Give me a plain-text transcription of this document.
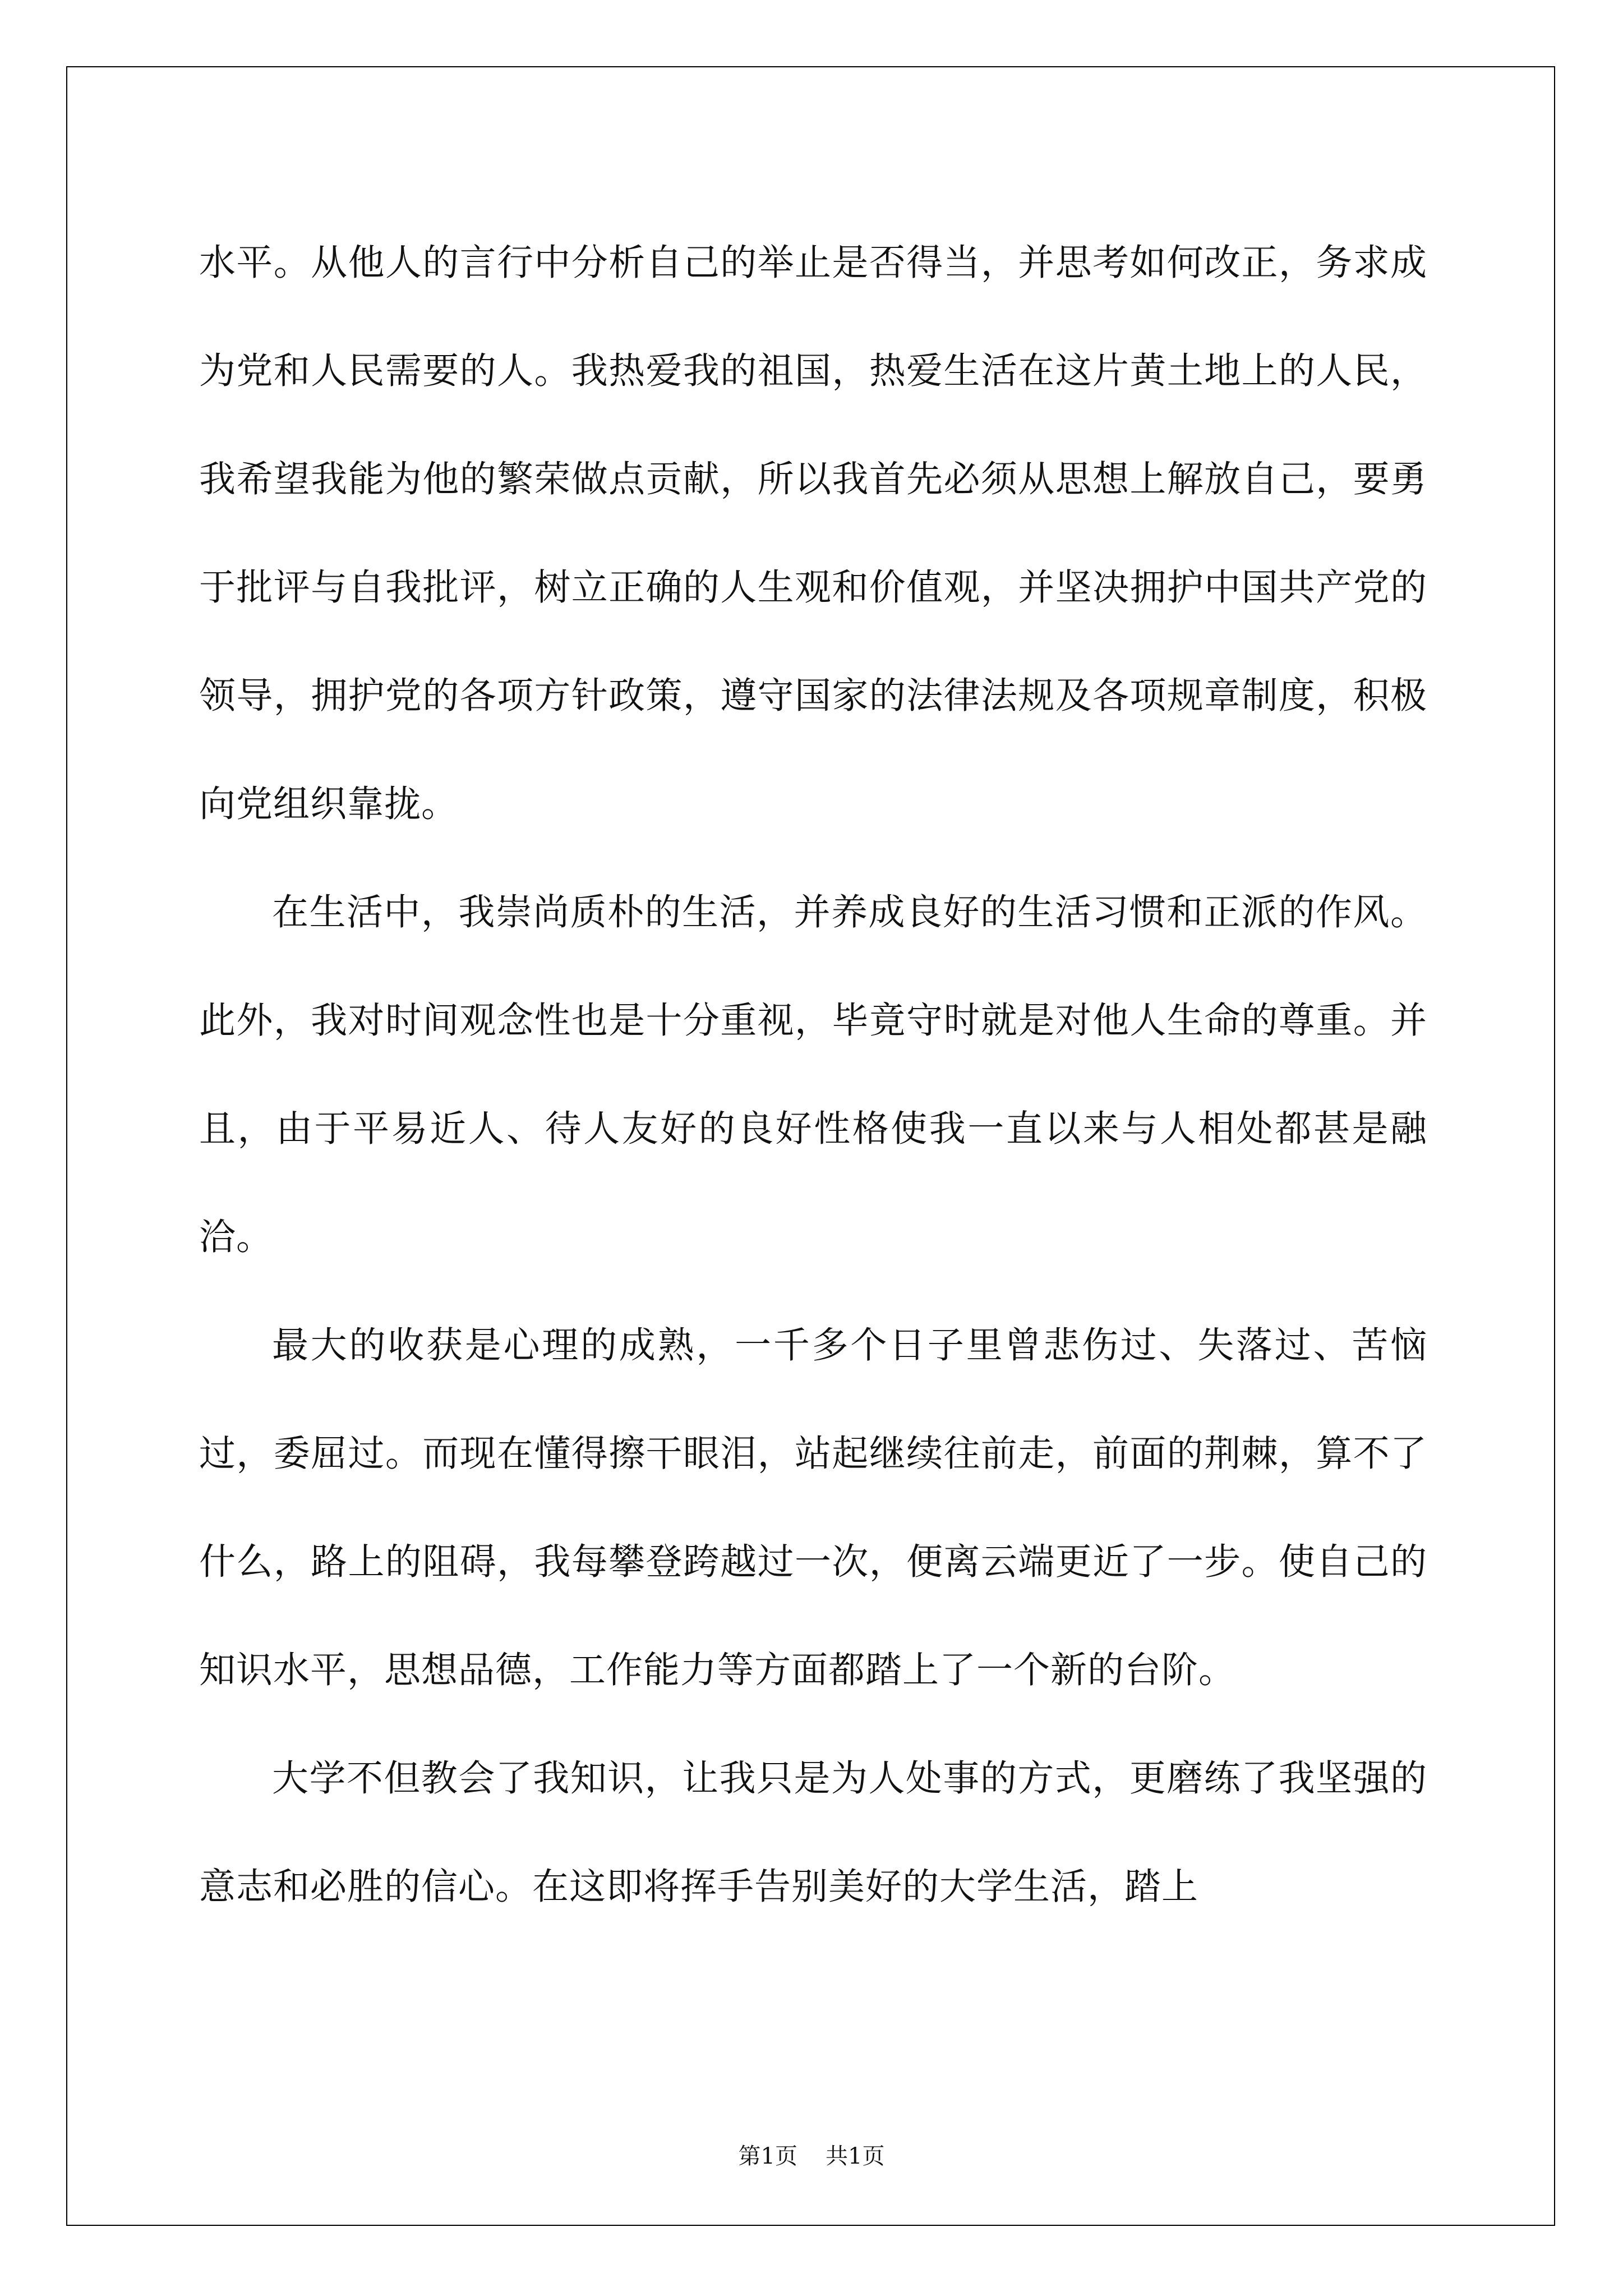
水平。从他人的言行中分析自己的举止是否得当，并思考如何改正，务求成为党和人民需要的人。我热爱我的祖国，热爱生活在这片黄土地上的人民，我希望我能为他的繁荣做点贡献，所以我首先必须从思想上解放自己，要勇于批评与自我批评，树立正确的人生观和价值观，并坚决拥护中国共产党的领导，拥护党的各项方针政策，遵守国家的法律法规及各项规章制度，积极向党组织靠拢。

在生活中，我崇尚质朴的生活，并养成良好的生活习惯和正派的作风。此外，我对时间观念性也是十分重视，毕竟守时就是对他人生命的尊重。并且，由于平易近人、待人友好的良好性格使我一直以来与人相处都甚是融洽。

最大的收获是心理的成熟，一千多个日子里曾悲伤过、失落过、苦恼过，委屈过。而现在懂得擦干眼泪，站起继续往前走，前面的荆棘，算不了什么，路上的阻碍，我每攀登跨越过一次，便离云端更近了一步。使自己的知识水平，思想品德，工作能力等方面都踏上了一个新的台阶。

大学不但教会了我知识，让我只是为人处事的方式，更磨练了我坚强的意志和必胜的信心。在这即将挥手告别美好的大学生活，踏上

第1页 共1页
